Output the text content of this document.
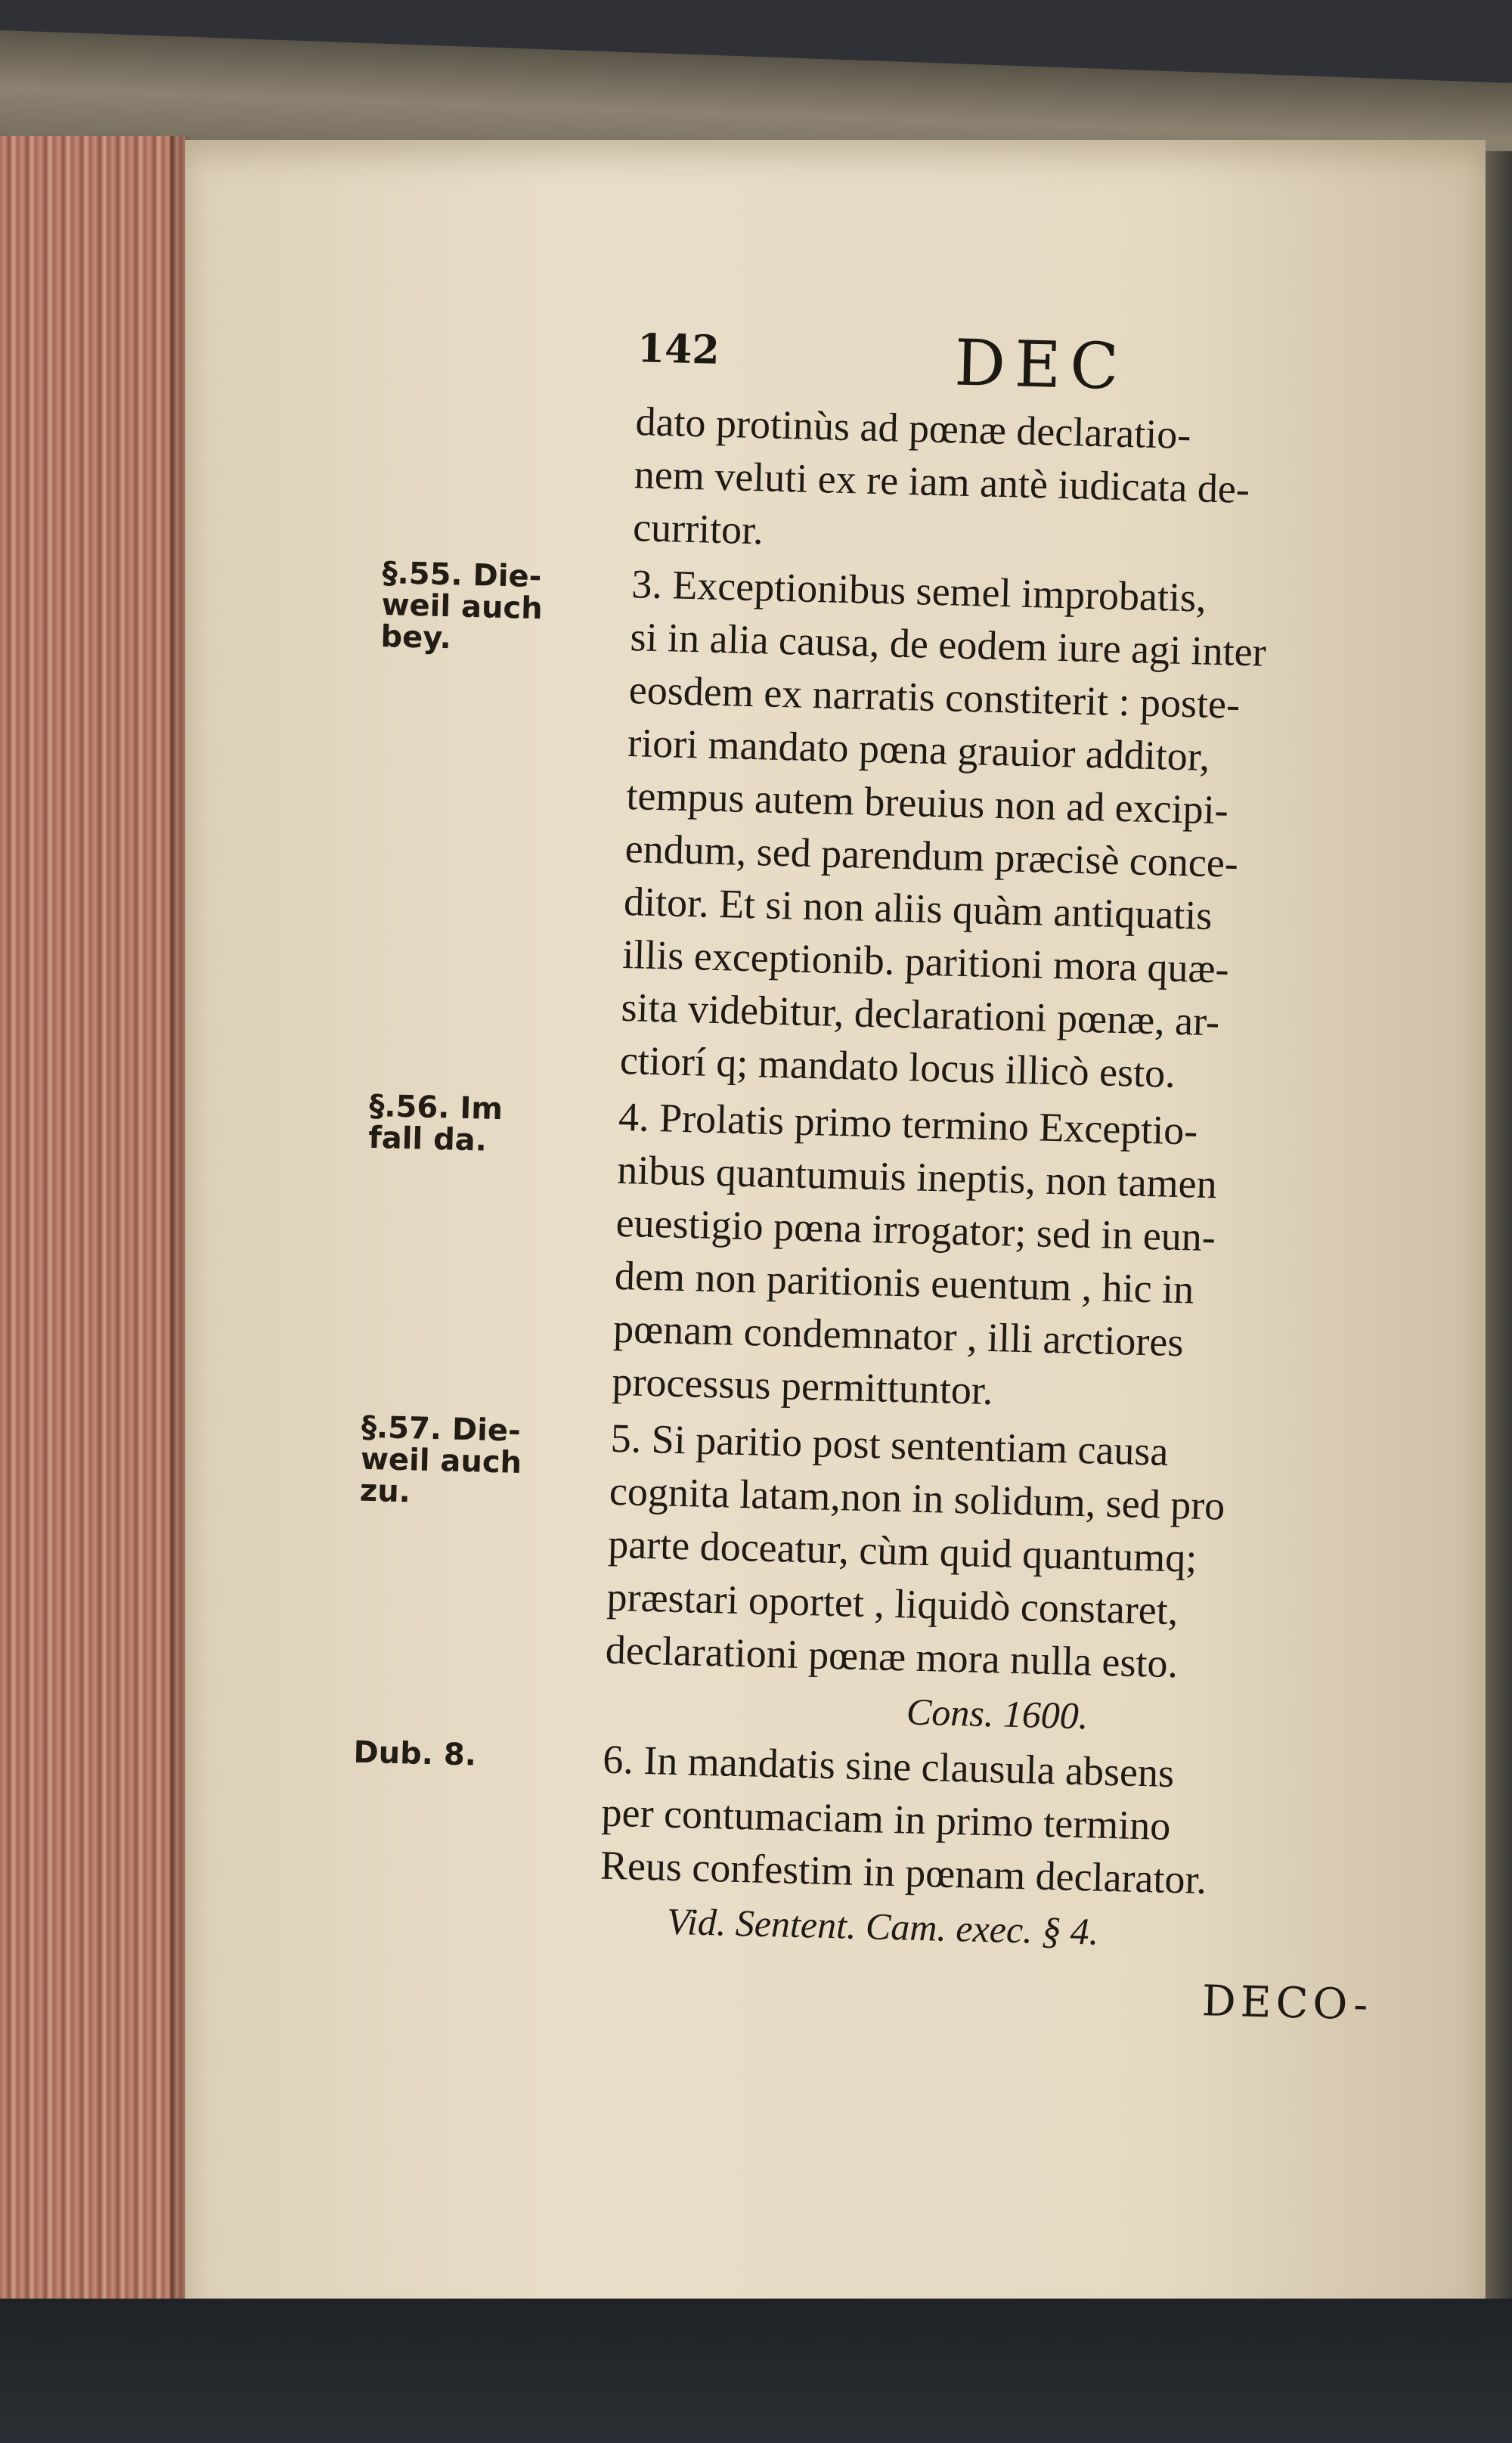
142	DEC
dato protinùs ad pœnæ declaratio-
nem veluti ex re iam antè iudicata de-
curritor.
3. Exceptionibus semel improbatis,
si in alia causa, de eodem iure agi inter
eosdem ex narratis constiterit : poste-
riori mandato pœna grauior additor,
tempus autem breuius non ad excipi-
endum, sed parendum præcisè conce-
ditor. Et si non aliis quàm antiquatis
illis exceptionib. paritioni mora quæ-
sita videbitur, declarationi pœnæ, ar-
ctiorí q; mandato locus illicò esto.
4. Prolatis primo termino Exceptio-
nibus quantumuis ineptis, non tamen
euestigio pœna irrogator; sed in eun-
dem non paritionis euentum , hic in
pœnam condemnator , illi arctiores
processus permittuntor.
5. Si paritio post sententiam causa
cognita latam,non in solidum, sed pro
parte doceatur, cùm quid quantumq;
præstari oportet , liquidò constaret,
declarationi pœnæ mora nulla esto.
Cons. 1600.
6. In mandatis sine clausula absens
per contumaciam in primo termino
Reus confestim in pœnam declarator.
Vid. Sentent. Cam. exec. § 4.
DECO-
§.55. Die‑
weil auch
bey.
§.56. Im
fall da.
§.57. Die‑
weil auch
zu.
Dub. 8.
